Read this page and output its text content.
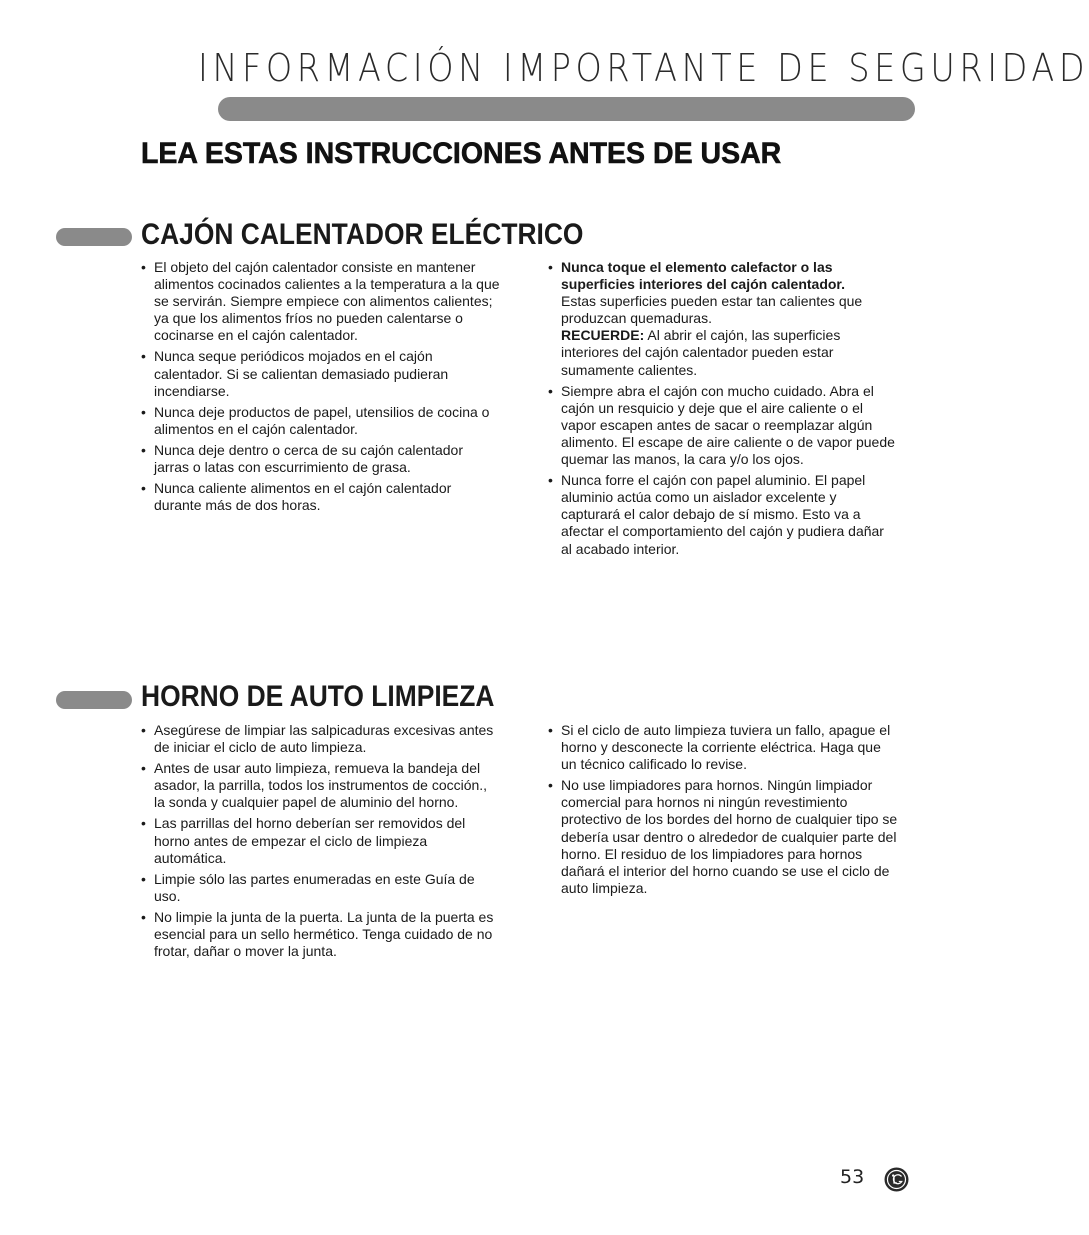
INFORMACIÓN IMPORTANTE DE SEGURIDAD
LEA ESTAS INSTRUCCIONES ANTES DE USAR
CAJÓN CALENTADOR ELÉCTRICO
• El objeto del cajón calentador consiste en mantener alimentos cocinados calientes a la temperatura a la que se servirán. Siempre empiece con alimentos calientes; ya que los alimentos fríos no pueden calentarse o cocinarse en el cajón calentador.
• Nunca seque periódicos mojados en el cajón calentador. Si se calientan demasiado pudieran incendiarse.
• Nunca deje productos de papel, utensilios de cocina o alimentos en el cajón calentador.
• Nunca deje dentro o cerca de su cajón calentador jarras o latas con escurrimiento de grasa.
• Nunca caliente alimentos en el cajón calentador durante más de dos horas.
• Nunca toque el elemento calefactor o las superficies interiores del cajón calentador.
Estas superficies pueden estar tan calientes que produzcan quemaduras.
RECUERDE: Al abrir el cajón, las superficies interiores del cajón calentador pueden estar sumamente calientes.
• Siempre abra el cajón con mucho cuidado. Abra el cajón un resquicio y deje que el aire caliente o el vapor escapen antes de sacar o reemplazar algún alimento. El escape de aire caliente o de vapor puede quemar las manos, la cara y/o los ojos.
• Nunca forre el cajón con papel aluminio. El papel aluminio actúa como un aislador excelente y capturará el calor debajo de sí mismo. Esto va a afectar el comportamiento del cajón y pudiera dañar al acabado interior.
HORNO DE AUTO LIMPIEZA
• Asegúrese de limpiar las salpicaduras excesivas antes de iniciar el ciclo de auto limpieza.
• Antes de usar auto limpieza, remueva la bandeja del asador, la parrilla, todos los instrumentos de cocción., la sonda y cualquier papel de aluminio del horno.
• Las parrillas del horno deberían ser removidos del horno antes de empezar el ciclo de limpieza automática.
• Limpie sólo las partes enumeradas en este Guía de uso.
• No limpie la junta de la puerta. La junta de la puerta es esencial para un sello hermético. Tenga cuidado de no frotar, dañar o mover la junta.
• Si el ciclo de auto limpieza tuviera un fallo, apague el horno y desconecte la corriente eléctrica. Haga que un técnico calificado lo revise.
• No use limpiadores para hornos. Ningún limpiador comercial para hornos ni ningún revestimiento protectivo de los bordes del horno de cualquier tipo se debería usar dentro o alrededor de cualquier parte del horno. El residuo de los limpiadores para hornos dañará el interior del horno cuando se use el ciclo de auto limpieza.
53
